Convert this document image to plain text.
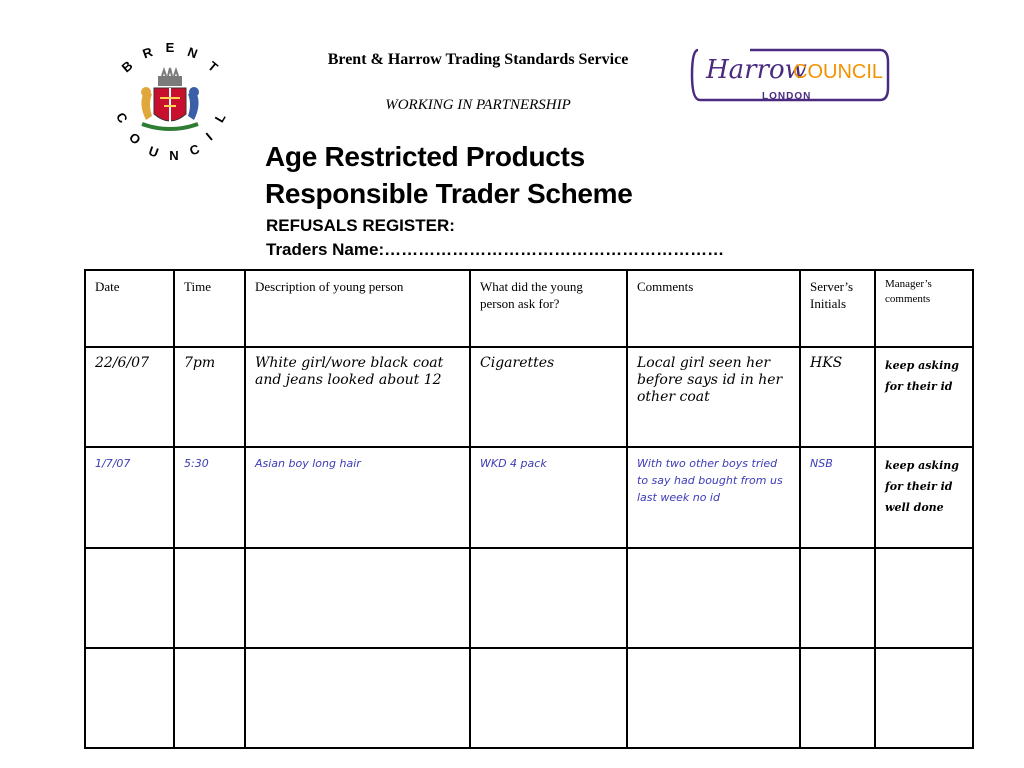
B
R E N
T
C
O
U N C
I
L
Harrow
COUNCIL
LONDON
Brent & Harrow Trading Standards Service
WORKING IN PARTNERSHIP
Age Restricted Products
Responsible Trader Scheme
REFUSALS REGISTER:
Traders Name:……………………………………………………
Date	Time	Description of young person	What did the young person ask for?	Comments	Server’s Initials	Manager’s comments
22/6/07	7pm	White girl/wore black coat and jeans looked about 12	Cigarettes	Local girl seen her before says id in her other coat	HKS	keep asking for their id
1/7/07	5:30	Asian boy long hair	WKD 4 pack	With two other boys tried to say had bought from us last week no id	NSB	keep asking for their id well done
